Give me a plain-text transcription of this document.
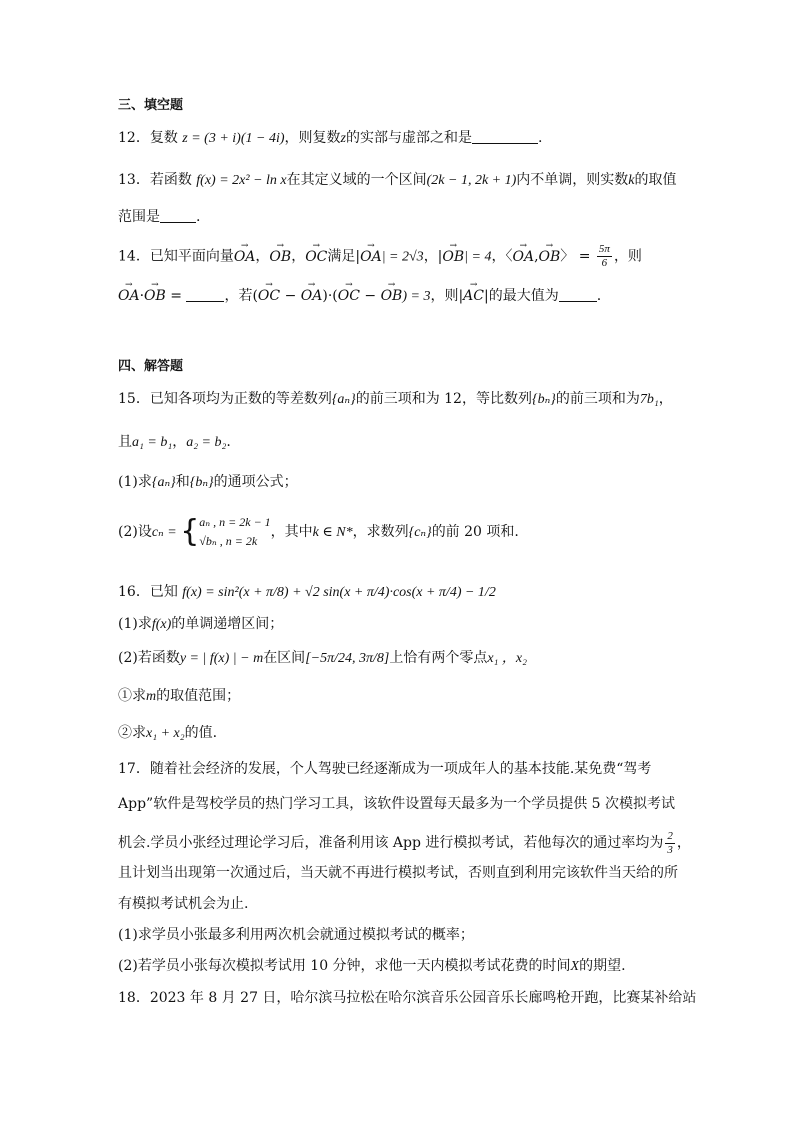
三、填空题
12．复数 z = (3 + i)(1 − 4i)，则复数z的实部与虚部之和是	.
13．若函数 f(x) = 2x² − ln x在其定义域的一个区间(2k − 1, 2k + 1)内不单调，则实数k的取值
范围是	.
14．已知平面向量→ OA，→ OB，→ OC满足|→ OA| = 2√3，|→ OB| = 4，〈→ OA,→ OB〉 = $\frac{5\pi}{6}$ ，则
→ OA·→ OB =	，若(→ OC − → OA)·(→ OC − → OB) = 3，则|→ AC|的最大值为	.
四、解答题
15．已知各项均为正数的等差数列{aₙ}的前三项和为 12，等比数列{bₙ}的前三项和为7b₁，
且a₁ = b₁，a₂ = b₂.
(1)求{aₙ}和{bₙ}的通项公式；
(2)设cₙ = { aₙ , n = 2k − 1
√bₙ , n = 2k
，其中k ∈ N*，求数列{cₙ}的前 20 项和.
16．已知 f(x) = sin²(x + π/8) + √2 sin(x + π/4)·cos(x + π/4) − 1/2
(1)求f(x)的单调递增区间；
(2)若函数y = | f(x) | − m在区间[−5π/24, 3π/8]上恰有两个零点x₁ ，x₂
①求m的取值范围；
②求x₁ + x₂的值.
17．随着社会经济的发展，个人驾驶已经逐渐成为一项成年人的基本技能.某免费“驾考
App”软件是驾校学员的热门学习工具，该软件设置每天最多为一个学员提供 5 次模拟考试
机会.学员小张经过理论学习后，准备利用该 App 进行模拟考试，若他每次的通过率均为 $\frac{2}{3}$ ，
且计划当出现第一次通过后，当天就不再进行模拟考试，否则直到利用完该软件当天给的所
有模拟考试机会为止.
(1)求学员小张最多利用两次机会就通过模拟考试的概率；
(2)若学员小张每次模拟考试用 10 分钟，求他一天内模拟考试花费的时间X的期望.
18．2023 年 8 月 27 日，哈尔滨马拉松在哈尔滨音乐公园音乐长廊鸣枪开跑，比赛某补给站
